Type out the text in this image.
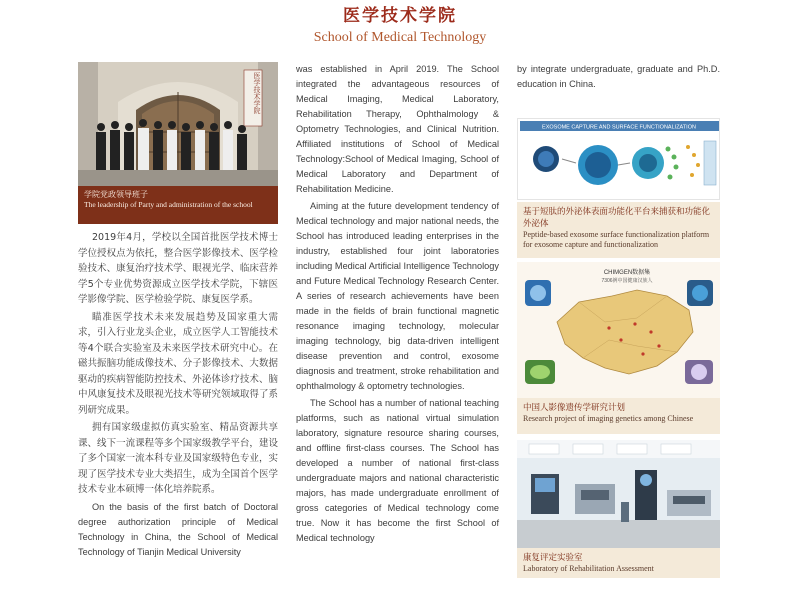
医学技术学院
School of Medical Technology
学院党政领导班子
The leadership of Party and administration of the school

2019年4月，学校以全国首批医学技术博士学位授权点为依托，整合医学影像技术、医学检验技术、康复治疗技术学、眼视光学、临床营养学5个专业优势资源成立医学技术学院，下辖医学影像学院、医学检验学院、康复医学系。

瞄准医学技术未来发展趋势及国家重大需求，引入行业龙头企业，成立医学人工智能技术等4个联合实验室及未来医学技术研究中心。在磁共振脑功能成像技术、分子影像技术、大数据驱动的疾病智能防控技术、外泌体诊疗技术、脑中风康复技术及眼视光技术等研究领域取得了系列研究成果。

拥有国家级虚拟仿真实验室、精品资源共享课、线下一流课程等多个国家级教学平台，建设了多个国家一流本科专业及国家级特色专业，实现了医学技术专业大类招生，成为全国首个医学技术专业本硕博一体化培养院系。

On the basis of the first batch of Doctoral degree authorization principle of Medical Technology in China, the School of Medical Technology of Tianjin Medical University

was established in April 2019. The School integrated the advantageous resources of Medical Imaging, Medical Laboratory, Rehabilitation Therapy, Ophthalmology & Optometry Technologies, and Clinical Nutrition. Affiliated institutions of School of Medical Technology:School of Medical Imaging, School of Medical Laboratory and Department of Rehabilitation Medicine.

Aiming at the future development tendency of Medical technology and major national needs, the School has introduced leading enterprises in the industry, established four joint laboratories including Medical Artificial Intelligence Technology and Future Medical Technology Research Center. A series of research achievements have been made in the fields of brain functional magnetic resonance imaging technology, molecular imaging technology, big data-driven intelligent disease prevention and control, exosome diagnosis and treatment, stroke rehabilitation and ophthalmology & optometry technologies.

The School has a number of national teaching platforms, such as national virtual simulation laboratory, signature resource sharing courses, and offline first-class courses. The School has developed a number of national first-class undergraduate majors and national characteristic majors, has made undergraduate enrollment of gross categories of Medical technology come true. Now it has become the first School of Medical technology

by integrate undergraduate, graduate and Ph.D. education in China.

EXOSOME CAPTURE AND SURFACE FUNCTIONALIZATION
基于短肽的外泌体表面功能化平台来捕获和功能化外泌体
Peptide-based exosome surface functionalization platform for exosome capture and functionalization
CHIMGEN数据集
7306例中国健康汉族人
中国人影像遗传学研究计划
Research project of imaging genetics among Chinese
康复评定实验室
Laboratory of Rehabilitation Assessment
医学技术学院
